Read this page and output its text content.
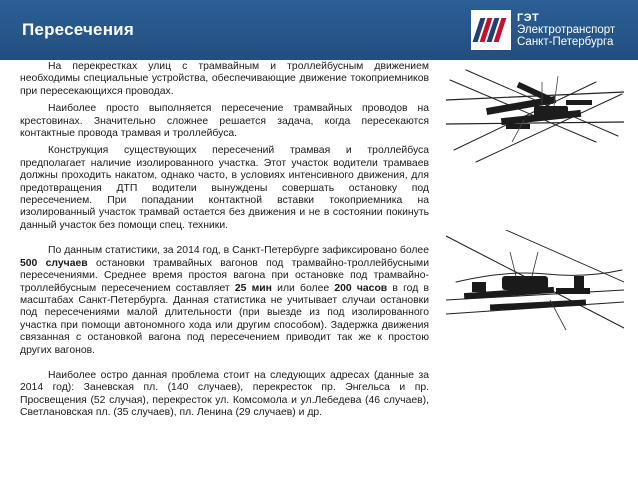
Пересечения
ГЭТ
Электротранспорт
Санкт-Петербурга

На перекрестках улиц с трамвайным и троллейбусным движением необходимы специальные устройства, обеспечивающие движение токоприемников при пересекающихся проводах.

Наиболее просто выполняется пересечение трамвайных проводов на крестовинах. Значительно сложнее решается задача, когда пересекаются контактные провода трамвая и троллейбуса.

Конструкция существующих пересечений трамвая и троллейбуса предполагает наличие изолированного участка. Этот участок водители трамваев должны проходить накатом, однако часто, в условиях интенсивного движения, для предотвращения ДТП водители вынуждены совершать остановку под пересечением. При попадании контактной вставки токоприемника на изолированный участок трамвай остается без движения и не в состоянии покинуть данный участок без помощи спец. техники.

По данным статистики, за 2014 год, в Санкт-Петербурге зафиксировано более 500 случаев остановки трамвайных вагонов под трамвайно-троллейбусными пересечениями. Среднее время простоя вагона при остановке под трамвайно-троллейбусным пересечением составляет 25 мин или более 200 часов в год в масштабах Санкт-Петербурга. Данная статистика не учитывает случаи остановки под пересечениями малой длительности (при выезде из под изолированного участка при помощи автономного хода или другим способом). Задержка движения связанная с остановкой вагона под пересечением приводит так же к простою других вагонов.

Наиболее остро данная проблема стоит на следующих адресах (данные за 2014 год): Заневская пл. (140 случаев), перекресток пр. Энгельса и пр. Просвещения (52 случая), перекресток ул. Комсомола и ул.Лебедева (46 случаев), Светлановская пл. (35 случаев), пл. Ленина (29 случаев) и др.
